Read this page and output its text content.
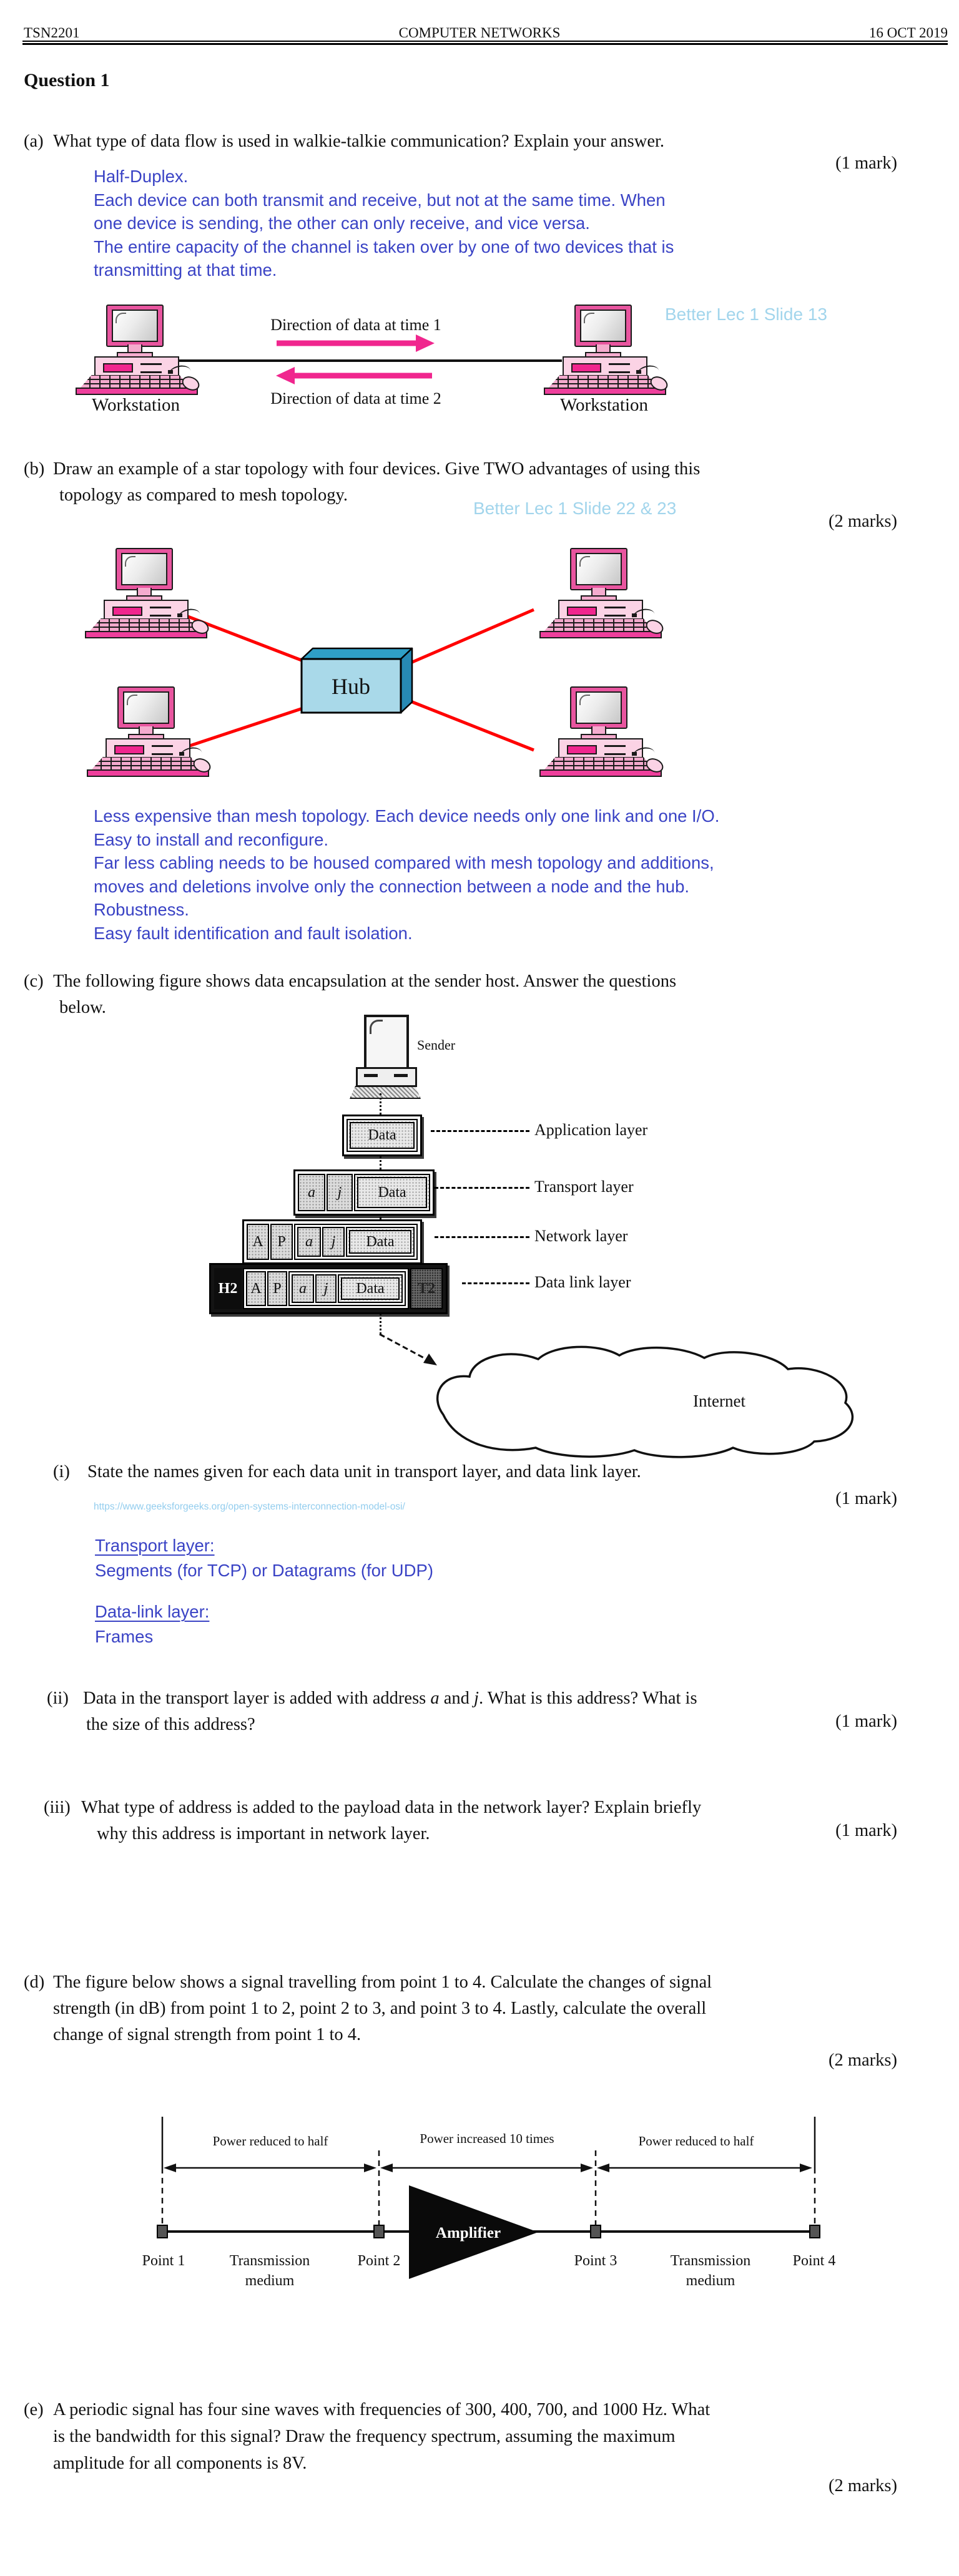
TSN2201	COMPUTER NETWORKS	16 OCT 2019
Question 1
(a) What type of data flow is used in walkie-talkie communication? Explain your answer.
(1 mark)
Half-Duplex.
Each device can both transmit and receive, but not at the same time. When
one device is sending, the other can only receive, and vice versa.
The entire capacity of the channel is taken over by one of two devices that is
transmitting at that time.
Better Lec 1 Slide 13
Direction of data at time 1
Direction of data at time 2
Workstation	Workstation
(b) Draw an example of a star topology with four devices. Give TWO advantages of using this
topology as compared to mesh topology.
Better Lec 1 Slide 22 & 23
(2 marks)
Hub
Less expensive than mesh topology. Each device needs only one link and one I/O.
Easy to install and reconfigure.
Far less cabling needs to be housed compared with mesh topology and additions,
moves and deletions involve only the connection between a node and the hub.
Robustness.
Easy fault identification and fault isolation.
(c) The following figure shows data encapsulation at the sender host. Answer the questions
below.
Sender
Data
a	j	Data
A P	a	j	Data
H2 A P	a	j	Data	T2
Application layer
Transport layer
Network layer
Data link layer
Internet
(i) State the names given for each data unit in transport layer, and data link layer.
(1 mark)
https://www.geeksforgeeks.org/open-systems-interconnection-model-osi/
Transport layer:
Segments (for TCP) or Datagrams (for UDP)
Data-link layer:
Frames
(ii) Data in the transport layer is added with address a and j. What is this address? What is
the size of this address?	(1 mark)
(iii) What type of address is added to the payload data in the network layer? Explain briefly
why this address is important in network layer.	(1 mark)
(d) The figure below shows a signal travelling from point 1 to 4. Calculate the changes of signal
strength (in dB) from point 1 to 2, point 2 to 3, and point 3 to 4. Lastly, calculate the overall
change of signal strength from point 1 to 4.
(2 marks)
Power reduced to half	Power increased 10 times	Power reduced to half
Amplifier
Point 1	Point 2	Point 3	Point 4
Transmission
medium
Transmission
medium
(e) A periodic signal has four sine waves with frequencies of 300, 400, 700, and 1000 Hz. What
is the bandwidth for this signal? Draw the frequency spectrum, assuming the maximum
amplitude for all components is 8V.
(2 marks)
